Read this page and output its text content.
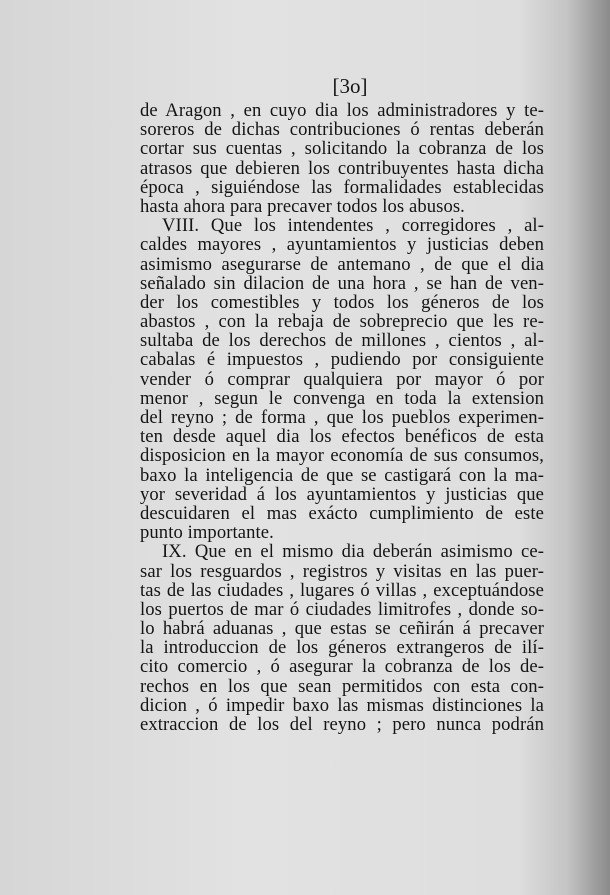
[3o]
de Aragon , en cuyo dia los administradores y te-
soreros de dichas contribuciones ó rentas deberán
cortar sus cuentas , solicitando la cobranza de los
atrasos que debieren los contribuyentes hasta dicha
época , siguiéndose las formalidades establecidas
hasta ahora para precaver todos los abusos.
VIII. Que los intendentes , corregidores , al-
caldes mayores , ayuntamientos y justicias deben
asimismo asegurarse de antemano , de que el dia
señalado sin dilacion de una hora , se han de ven-
der los comestibles y todos los géneros de los
abastos , con la rebaja de sobreprecio que les re-
sultaba de los derechos de millones , cientos , al-
cabalas é impuestos , pudiendo por consiguiente
vender ó comprar qualquiera por mayor ó por
menor , segun le convenga en toda la extension
del reyno ; de forma , que los pueblos experimen-
ten desde aquel dia los efectos benéficos de esta
disposicion en la mayor economía de sus consumos,
baxo la inteligencia de que se castigará con la ma-
yor severidad á los ayuntamientos y justicias que
descuidaren el mas exácto cumplimiento de este
punto importante.
IX. Que en el mismo dia deberán asimismo ce-
sar los resguardos , registros y visitas en las puer-
tas de las ciudades , lugares ó villas , exceptuándose
los puertos de mar ó ciudades limitrofes , donde so-
lo habrá aduanas , que estas se ceñirán á precaver
la introduccion de los géneros extrangeros de ilí-
cito comercio , ó asegurar la cobranza de los de-
rechos en los que sean permitidos con esta con-
dicion , ó impedir baxo las mismas distinciones la
extraccion de los del reyno ; pero nunca podrán
